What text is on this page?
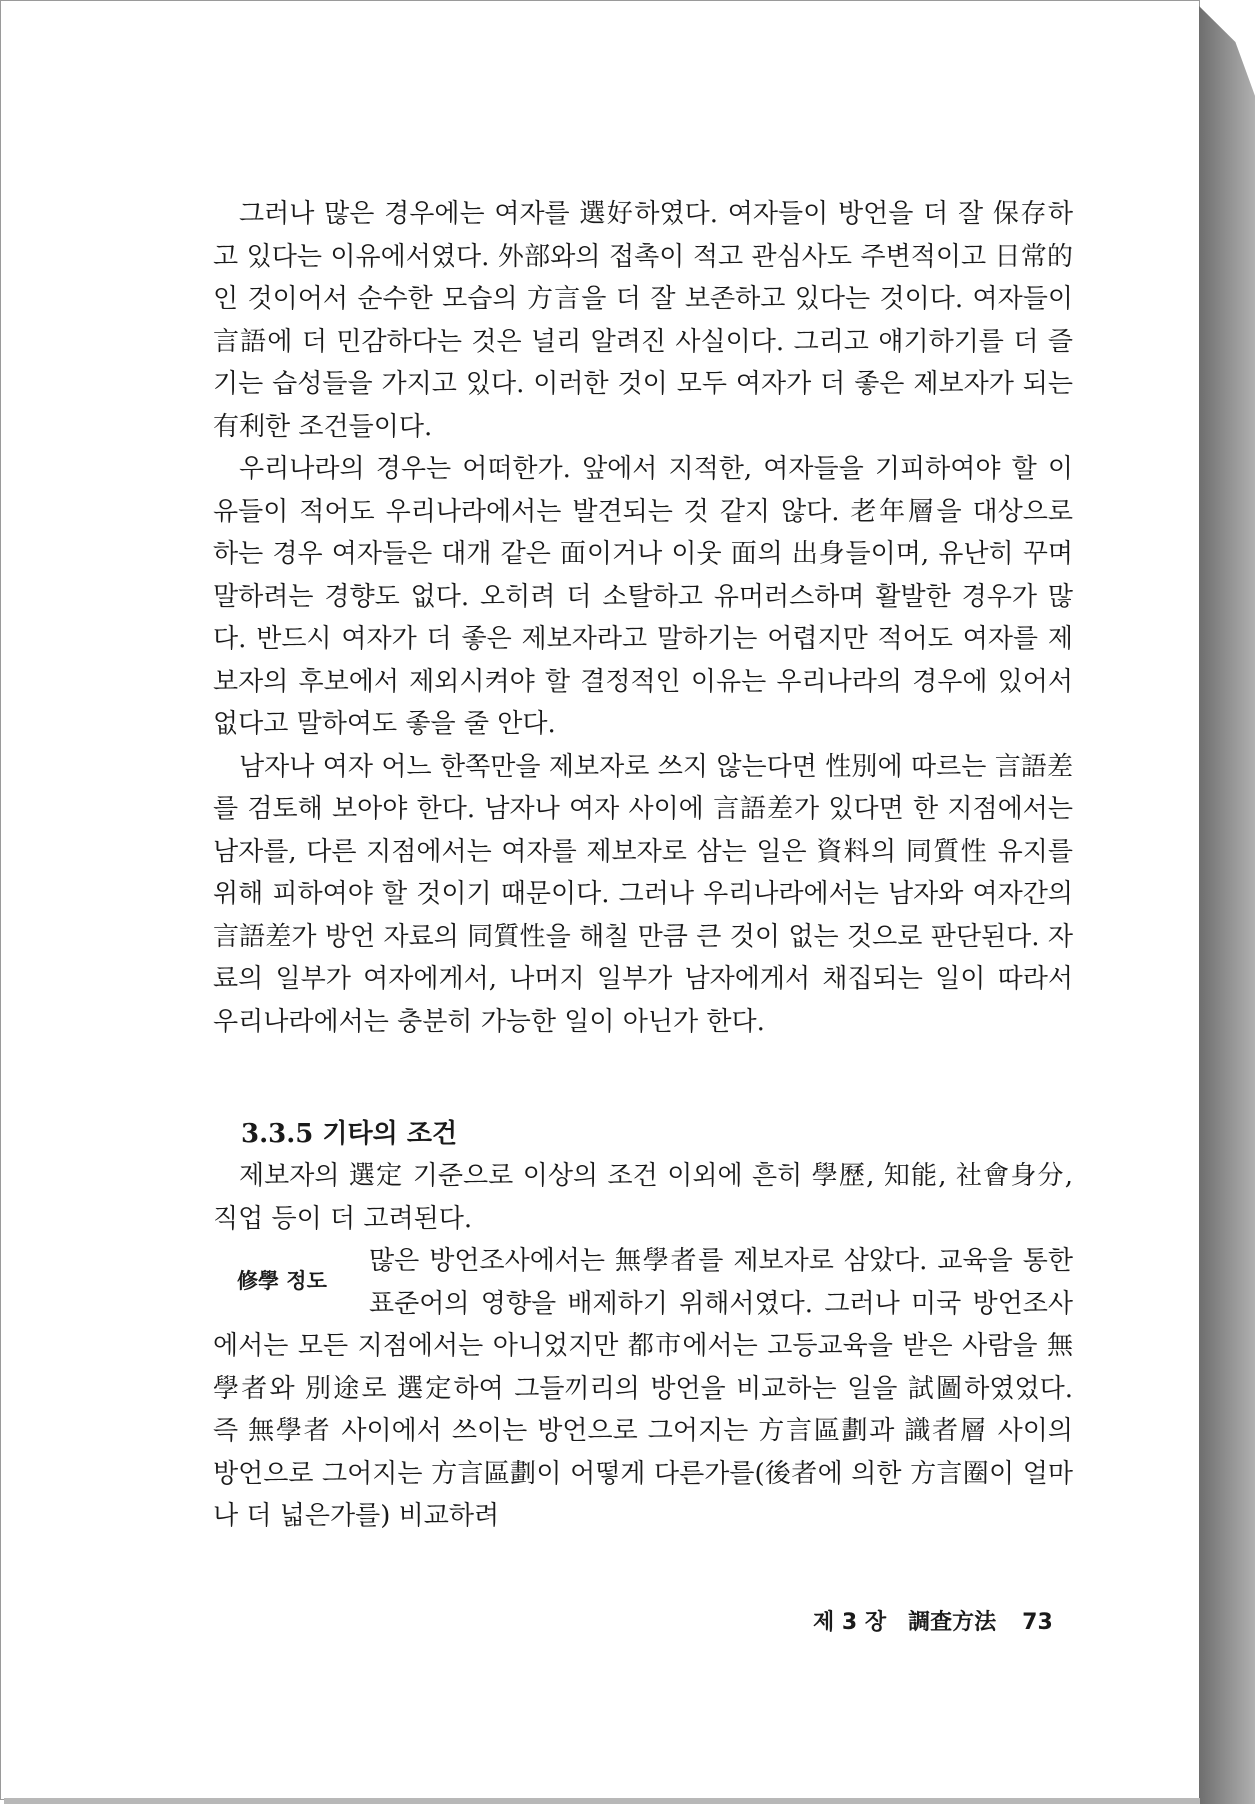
그러나 많은 경우에는 여자를 選好하였다. 여자들이 방언을 더 잘 保存하고 있다는 이유에서였다. 外部와의 접촉이 적고 관심사도 주변적이고 日常的인 것이어서 순수한 모습의 方言을 더 잘 보존하고 있다는 것이다. 여자들이 言語에 더 민감하다는 것은 널리 알려진 사실이다. 그리고 얘기하기를 더 즐기는 습성들을 가지고 있다. 이러한 것이 모두 여자가 더 좋은 제보자가 되는 有利한 조건들이다.

우리나라의 경우는 어떠한가. 앞에서 지적한, 여자들을 기피하여야 할 이유들이 적어도 우리나라에서는 발견되는 것 같지 않다. 老年層을 대상으로 하는 경우 여자들은 대개 같은 面이거나 이웃 面의 出身들이며, 유난히 꾸며 말하려는 경향도 없다. 오히려 더 소탈하고 유머러스하며 활발한 경우가 많다. 반드시 여자가 더 좋은 제보자라고 말하기는 어렵지만 적어도 여자를 제보자의 후보에서 제외시켜야 할 결정적인 이유는 우리나라의 경우에 있어서 없다고 말하여도 좋을 줄 안다.

남자나 여자 어느 한쪽만을 제보자로 쓰지 않는다면 性別에 따르는 言語差를 검토해 보아야 한다. 남자나 여자 사이에 言語差가 있다면 한 지점에서는 남자를, 다른 지점에서는 여자를 제보자로 삼는 일은 資料의 同質性 유지를 위해 피하여야 할 것이기 때문이다. 그러나 우리나라에서는 남자와 여자간의 言語差가 방언 자료의 同質性을 해칠 만큼 큰 것이 없는 것으로 판단된다. 자료의 일부가 여자에게서, 나머지 일부가 남자에게서 채집되는 일이 따라서 우리나라에서는 충분히 가능한 일이 아닌가 한다.

3.3.5 기타의 조건

제보자의 選定 기준으로 이상의 조건 이외에 흔히 學歷, 知能, 社會身分, 직업 등이 더 고려된다.

修學 정도

많은 방언조사에서는 無學者를 제보자로 삼았다. 교육을 통한 표준어의 영향을 배제하기 위해서였다. 그러나 미국 방언조사에서는 모든 지점에서는 아니었지만 都市에서는 고등교육을 받은 사람을 無學者와 別途로 選定하여 그들끼리의 방언을 비교하는 일을 試圖하였었다. 즉 無學者 사이에서 쓰이는 방언으로 그어지는 方言區劃과 識者層 사이의 방언으로 그어지는 方言區劃이 어떻게 다른가를(後者에 의한 方言圈이 얼마나 더 넓은가를) 비교하려

제 3 장 調査方法 73
